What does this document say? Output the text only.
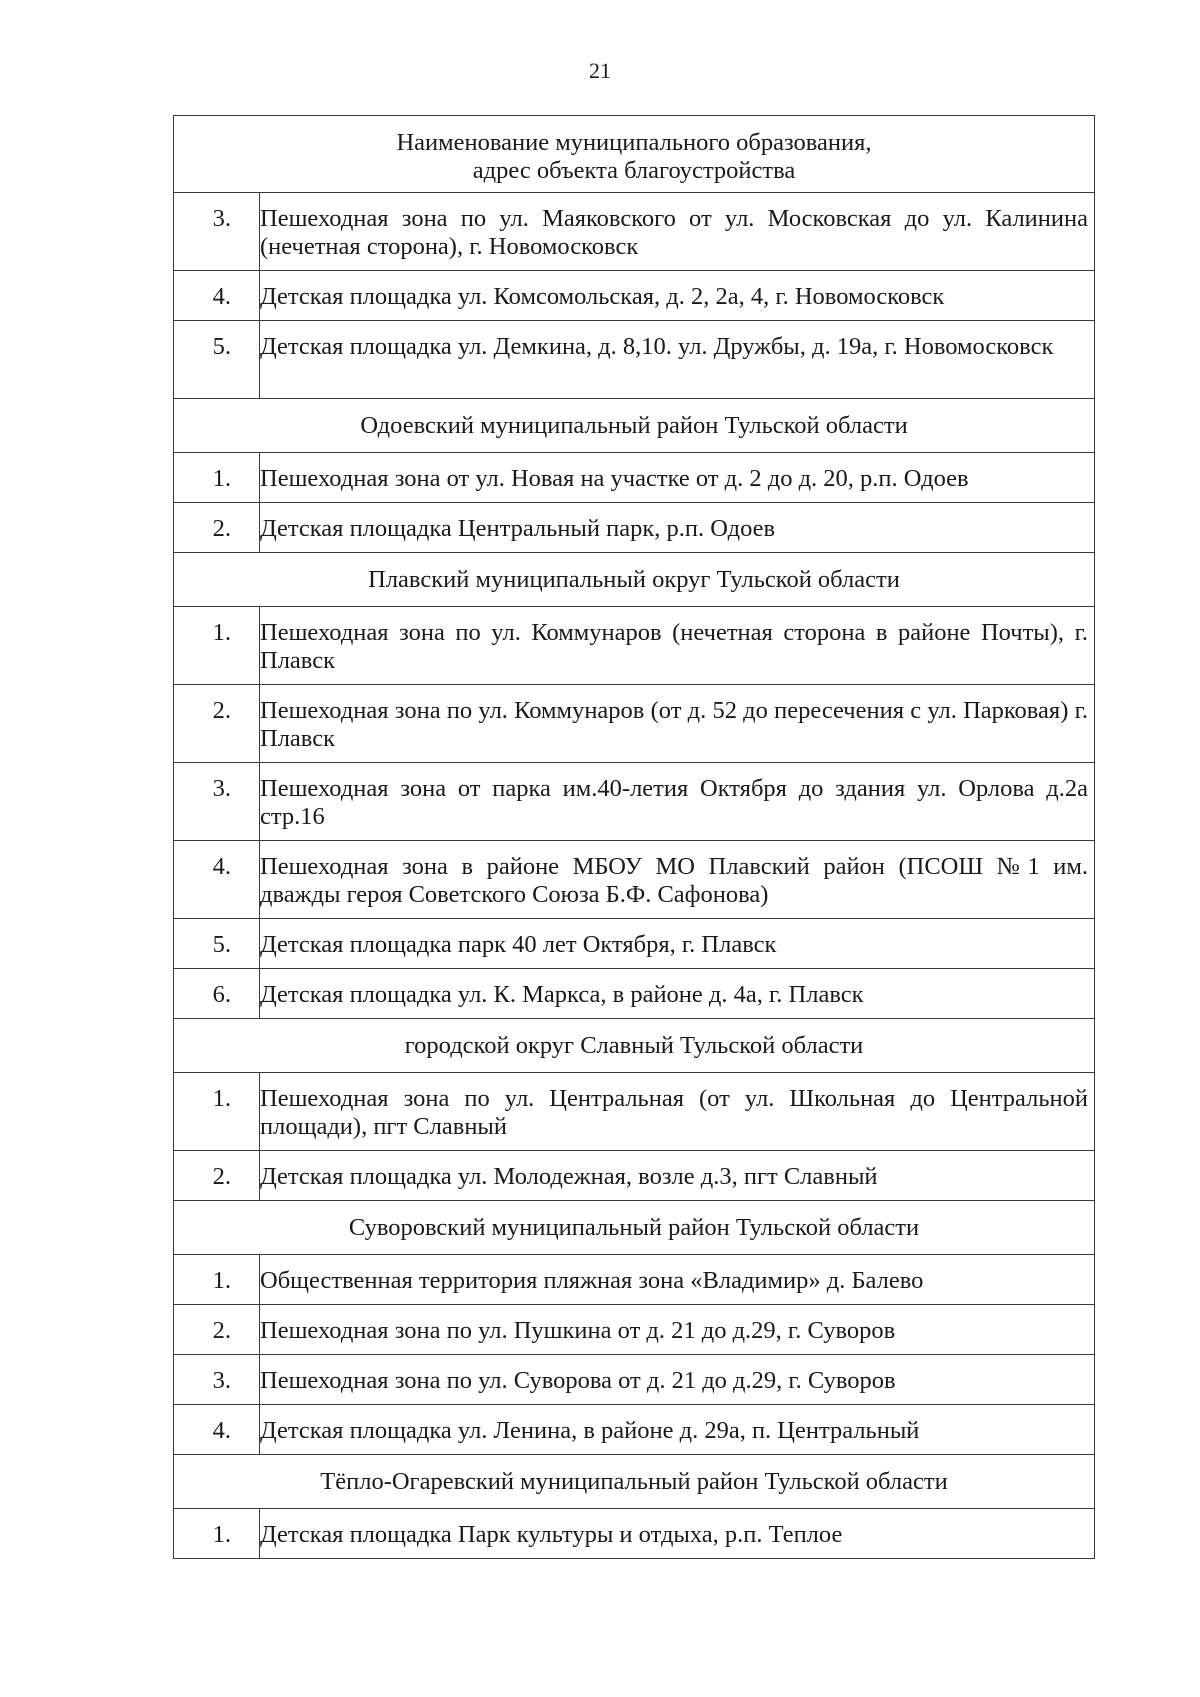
21
Наименование муниципального образования,
адрес объекта благоустройства	

3.	Пешеходная зона по ул. Маяковского от ул. Московская до ул. Калинина (нечетная сторона), г. Новомосковск
4.	Детская площадка ул. Комсомольская, д. 2, 2а, 4, г. Новомосковск
5.	Детская площадка ул. Демкина, д. 8,10. ул. Дружбы, д. 19а, г. Новомосковск
Одоевский муниципальный район Тульской области	
1.	Пешеходная зона от ул. Новая на участке от д. 2 до д. 20, р.п. Одоев
2.	Детская площадка Центральный парк, р.п. Одоев
Плавский муниципальный округ Тульской области	
1.	Пешеходная зона по ул. Коммунаров (нечетная сторона в районе Почты), г. Плавск
2.	Пешеходная зона по ул. Коммунаров (от д. 52 до пересечения с ул. Парковая) г. Плавск
3.	Пешеходная зона от парка им.40-летия Октября до здания ул. Орлова д.2а стр.16
4.	Пешеходная зона в районе МБОУ МО Плавский район (ПСОШ №1 им. дважды героя Советского Союза Б.Ф. Сафонова)
5.	Детская площадка парк 40 лет Октября, г. Плавск
6.	Детская площадка ул. К. Маркса, в районе д. 4а, г. Плавск
городской округ Славный Тульской области	
1.	Пешеходная зона по ул. Центральная (от ул. Школьная до Центральной площади), пгт Славный
2.	Детская площадка ул. Молодежная, возле д.3, пгт Славный
Суворовский муниципальный район Тульской области	
1.	Общественная территория пляжная зона «Владимир» д. Балево
2.	Пешеходная зона по ул. Пушкина от д. 21 до д.29, г. Суворов
3.	Пешеходная зона по ул. Суворова от д. 21 до д.29, г. Суворов
4.	Детская площадка ул. Ленина, в районе д. 29а, п. Центральный
Тёпло-Огаревский муниципальный район Тульской области	
1.	Детская площадка Парк культуры и отдыха, р.п. Теплое
